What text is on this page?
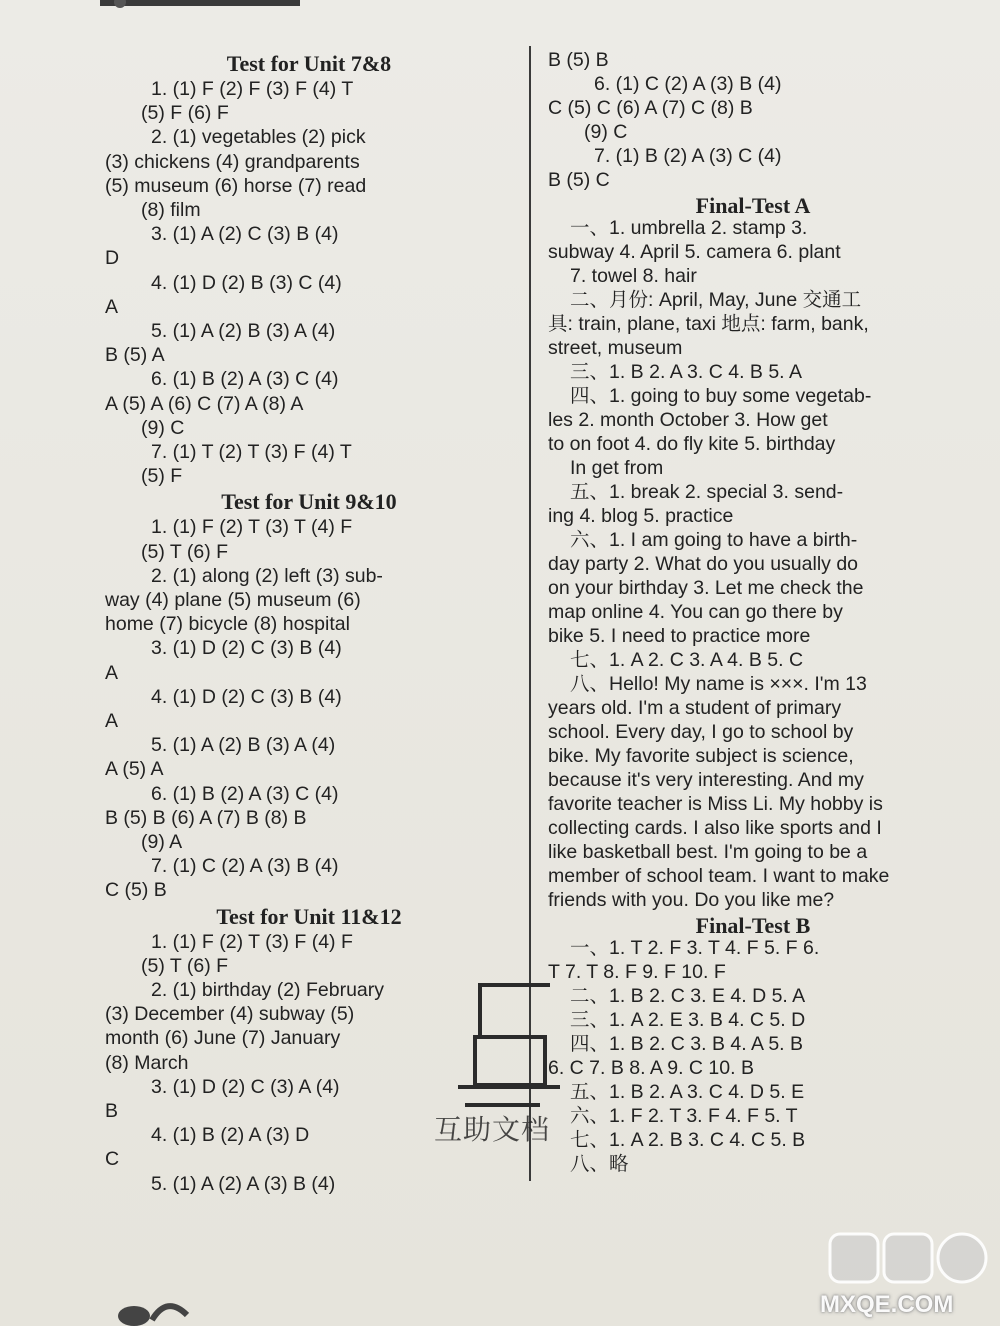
Test for Unit 7&8
1. (1) F (2) F (3) F (4) T
(5) F (6) F
2. (1) vegetables (2) pick
(3) chickens (4) grandparents
(5) museum (6) horse (7) read
(8) film
3. (1) A (2) C (3) B (4)
D
4. (1) D (2) B (3) C (4)
A
5. (1) A (2) B (3) A (4)
B (5) A
6. (1) B (2) A (3) C (4)
A (5) A (6) C (7) A (8) A
(9) C
7. (1) T (2) T (3) F (4) T
(5) F
Test for Unit 9&10
1. (1) F (2) T (3) T (4) F
(5) T (6) F
2. (1) along (2) left (3) sub-
way (4) plane (5) museum (6)
home (7) bicycle (8) hospital
3. (1) D (2) C (3) B (4)
A
4. (1) D (2) C (3) B (4)
A
5. (1) A (2) B (3) A (4)
A (5) A
6. (1) B (2) A (3) C (4)
B (5) B (6) A (7) B (8) B
(9) A
7. (1) C (2) A (3) B (4)
C (5) B
Test for Unit 11&12
1. (1) F (2) T (3) F (4) F
(5) T (6) F
2. (1) birthday (2) February
(3) December (4) subway (5)
month (6) June (7) January
(8) March
3. (1) D (2) C (3) A (4)
B
4. (1) B (2) A (3) D
C
5. (1) A (2) A (3) B (4)
B (5) B
6. (1) C (2) A (3) B (4)
C (5) C (6) A (7) C (8) B
(9) C
7. (1) B (2) A (3) C (4)
B (5) C
Final-Test A
一、1. umbrella 2. stamp 3.
subway 4. April 5. camera 6. plant
7. towel 8. hair
二、月份: April, May, June 交通工
具: train, plane, taxi 地点: farm, bank,
street, museum
三、1. B 2. A 3. C 4. B 5. A
四、1. going to buy some vegetab-
les 2. month October 3. How get
to on foot 4. do fly kite 5. birthday
In get from
五、1. break 2. special 3. send-
ing 4. blog 5. practice
六、1. I am going to have a birth-
day party 2. What do you usually do
on your birthday 3. Let me check the
map online 4. You can go there by
bike 5. I need to practice more
七、1. A 2. C 3. A 4. B 5. C
八、Hello! My name is ×××. I'm 13
years old. I'm a student of primary
school. Every day, I go to school by
bike. My favorite subject is science,
because it's very interesting. And my
favorite teacher is Miss Li. My hobby is
collecting cards. I also like sports and I
like basketball best. I'm going to be a
member of school team. I want to make
friends with you. Do you like me?
Final-Test B
一、1. T 2. F 3. T 4. F 5. F 6.
T 7. T 8. F 9. F 10. F
二、1. B 2. C 3. E 4. D 5. A
三、1. A 2. E 3. B 4. C 5. D
四、1. B 2. C 3. B 4. A 5. B
6. C 7. B 8. A 9. C 10. B
五、1. B 2. A 3. C 4. D 5. E
六、1. F 2. T 3. F 4. F 5. T
七、1. A 2. B 3. C 4. C 5. B
八、略
互助文档
MXQE.COM
